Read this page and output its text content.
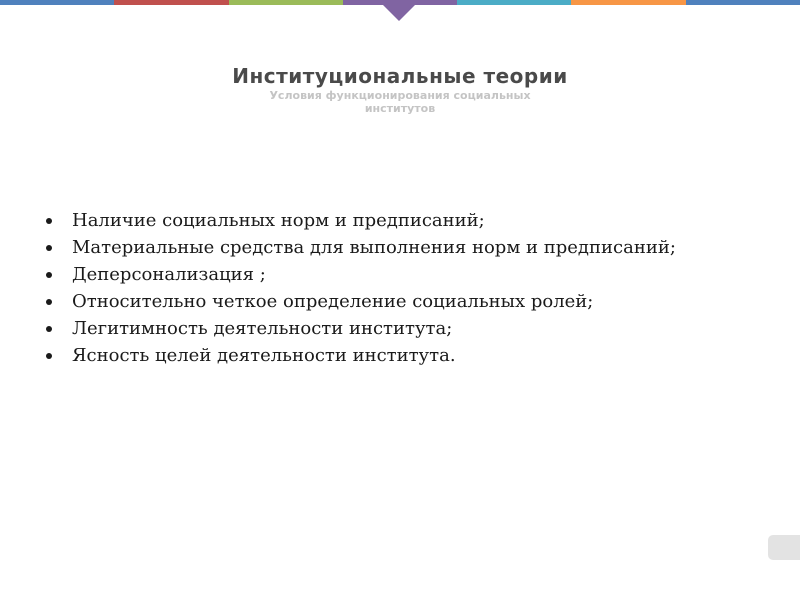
Институциональные теории
Условия функционирования социальных институтов
Наличие социальных норм и предписаний;
Материальные средства для выполнения норм и предписаний;
Деперсонализация ;
Относительно четкое определение социальных ролей;
Легитимность деятельности института;
Ясность целей деятельности института.
